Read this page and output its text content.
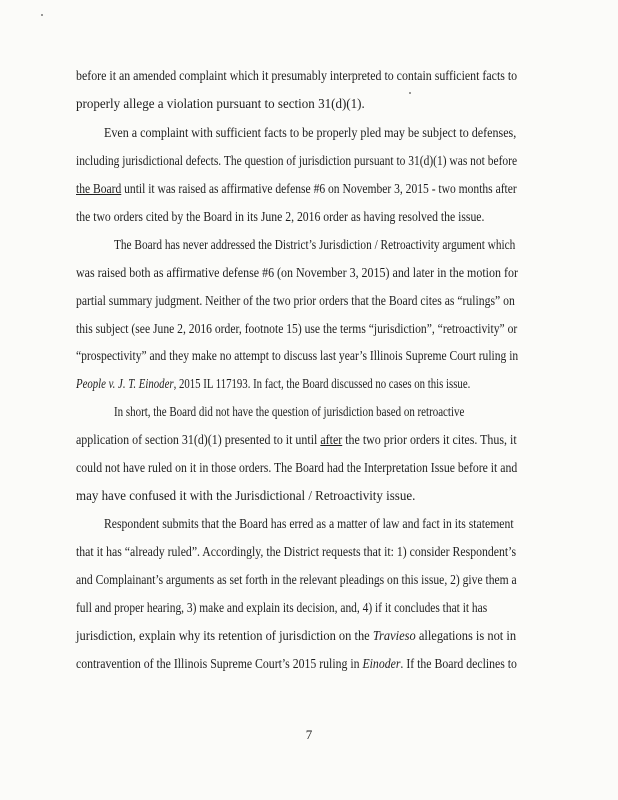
before it an amended complaint which it presumably interpreted to contain sufficient facts to
properly allege a violation pursuant to section 31(d)(1).
Even a complaint with sufficient facts to be properly pled may be subject to defenses,
including jurisdictional defects. The question of jurisdiction pursuant to 31(d)(1) was not before
the Board until it was raised as affirmative defense #6 on November 3, 2015 - two months after
the two orders cited by the Board in its June 2, 2016 order as having resolved the issue.
The Board has never addressed the District’s Jurisdiction / Retroactivity argument which
was raised both as affirmative defense #6 (on November 3, 2015) and later in the motion for
partial summary judgment. Neither of the two prior orders that the Board cites as “rulings” on
this subject (see June 2, 2016 order, footnote 15) use the terms “jurisdiction”, “retroactivity” or
“prospectivity” and they make no attempt to discuss last year’s Illinois Supreme Court ruling in
People v. J. T. Einoder, 2015 IL 117193. In fact, the Board discussed no cases on this issue.
In short, the Board did not have the question of jurisdiction based on retroactive
application of section 31(d)(1) presented to it until after the two prior orders it cites. Thus, it
could not have ruled on it in those orders. The Board had the Interpretation Issue before it and
may have confused it with the Jurisdictional / Retroactivity issue.
Respondent submits that the Board has erred as a matter of law and fact in its statement
that it has “already ruled”. Accordingly, the District requests that it: 1) consider Respondent’s
and Complainant’s arguments as set forth in the relevant pleadings on this issue, 2) give them a
full and proper hearing, 3) make and explain its decision, and, 4) if it concludes that it has
jurisdiction, explain why its retention of jurisdiction on the Travieso allegations is not in
contravention of the Illinois Supreme Court’s 2015 ruling in Einoder. If the Board declines to
7
